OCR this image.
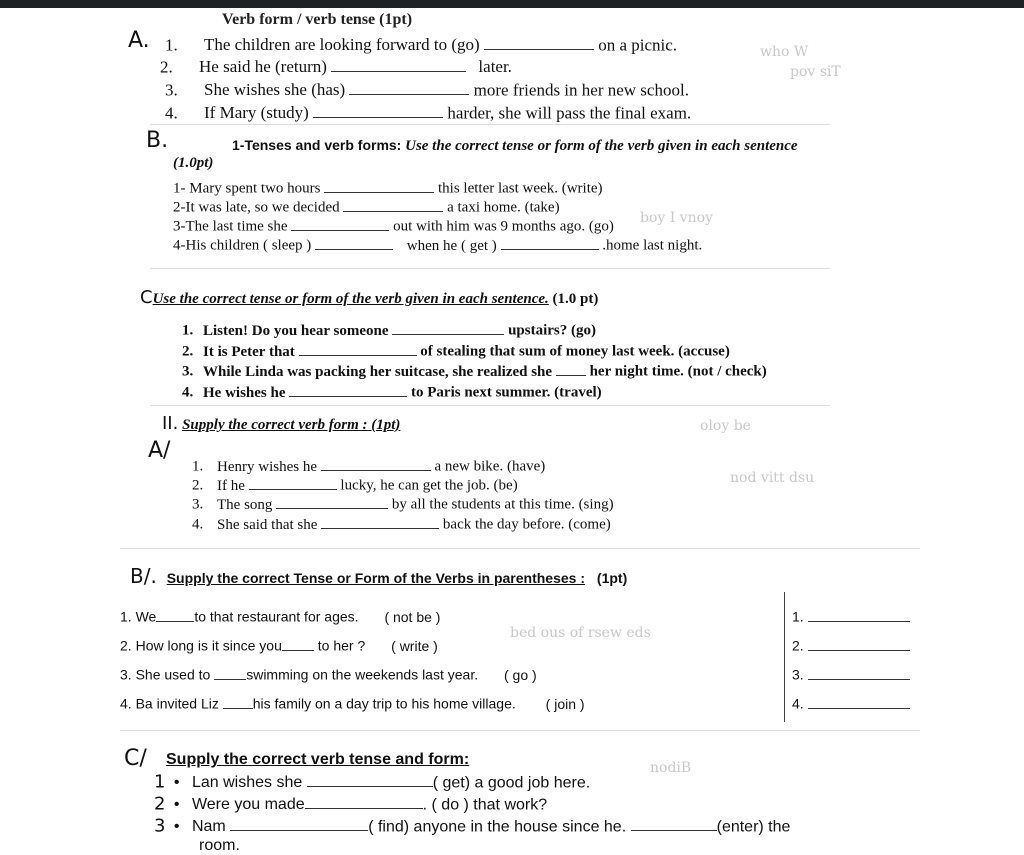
Verb form / verb tense (1pt)
who W
pov siT
boy I vnoy
oloy be
nod vitt dsu
bed ous of rsew eds
nodiB
A. 1. The children are looking forward to (go)	on a picnic.
2. He said he (return)	later.
3. She wishes she (has)	more friends in her new school.
4. If Mary (study)	harder, she will pass the final exam.
B.	1-Tenses and verb forms: Use the correct tense or form of the verb given in each sentence
(1.0pt)
1- Mary spent two hours	this letter last week. (write)
2-It was late, so we decided	a taxi home. (take)
3-The last time she	out with him was 9 months ago. (go)
4-His children ( sleep )	when he ( get )	.home last night.
CUse the correct tense or form of the verb given in each sentence. (1.0 pt)
1. Listen! Do you hear someone	upstairs? (go)
2. It is Peter that	of stealing that sum of money last week. (accuse)
3. While Linda was packing her suitcase, she realized she	her night time. (not / check)
4. He wishes he	to Paris next summer. (travel)
II. Supply the correct verb form : (1pt)
A/
1. Henry wishes he	a new bike. (have)
2. If he	lucky, he can get the job. (be)
3. The song	by all the students at this time. (sing)
4. She said that she	back the day before. (come)
B/. Supply the correct Tense or Form of the Verbs in parentheses : (1pt)
1. We	to that restaurant for ages. ( not be )
2. How long is it since you	to her ? ( write )
3. She used to	swimming on the weekends last year. ( go )
4. Ba invited Liz his family on a day trip to his home village. ( join )
1.
2.
3.
4.
C/ Supply the correct verb tense and form:
1 • Lan wishes she	( get) a good job here.
2 • Were you made	. ( do ) that work?
3 • Nam	( find) anyone in the house since he.	(enter) the
room.
